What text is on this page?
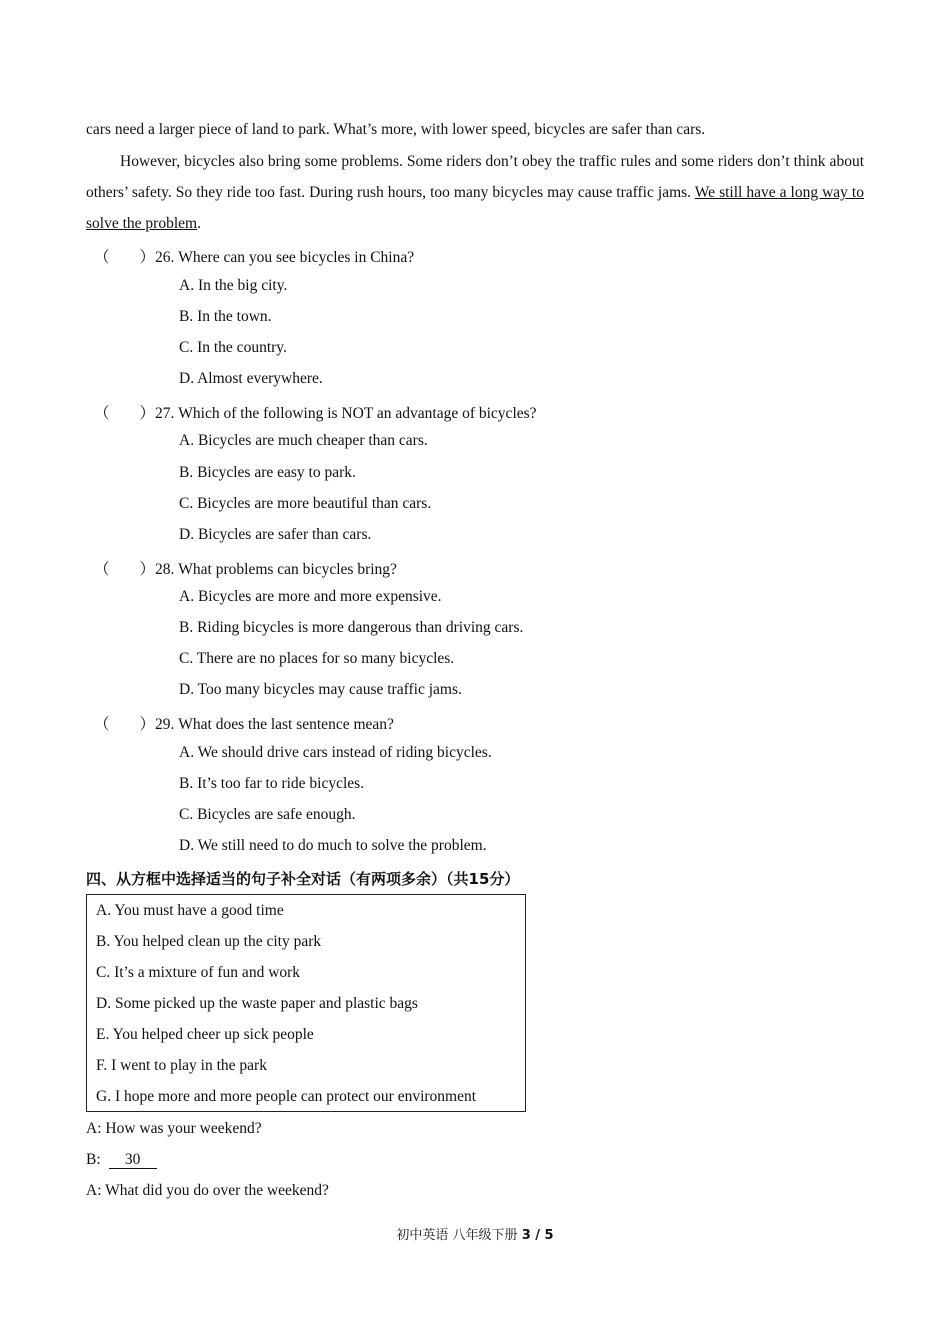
cars need a larger piece of land to park. What’s more, with lower speed, bicycles are safer than cars.
However, bicycles also bring some problems. Some riders don’t obey the traffic rules and some riders don’t think about others’ safety. So they ride too fast. During rush hours, too many bicycles may cause traffic jams. We still have a long way to solve the problem.
（ ）26. Where can you see bicycles in China?
A. In the big city.
B. In the town.
C. In the country.
D. Almost everywhere.
（ ）27. Which of the following is NOT an advantage of bicycles?
A. Bicycles are much cheaper than cars.
B. Bicycles are easy to park.
C. Bicycles are more beautiful than cars.
D. Bicycles are safer than cars.
（ ）28. What problems can bicycles bring?
A. Bicycles are more and more expensive.
B. Riding bicycles is more dangerous than driving cars.
C. There are no places for so many bicycles.
D. Too many bicycles may cause traffic jams.
（ ）29. What does the last sentence mean?
A. We should drive cars instead of riding bicycles.
B. It’s too far to ride bicycles.
C. Bicycles are safe enough.
D. We still need to do much to solve the problem.
四、从方框中选择适当的句子补全对话（有两项多余）（共15分）
A. You must have a good time
B. You helped clean up the city park
C. It’s a mixture of fun and work
D. Some picked up the waste paper and plastic bags
E. You helped cheer up sick people
F. I went to play in the park
G. I hope more and more people can protect our environment
A: How was your weekend?
B: 30
A: What did you do over the weekend?
初中英语 八年级下册 3 / 5
